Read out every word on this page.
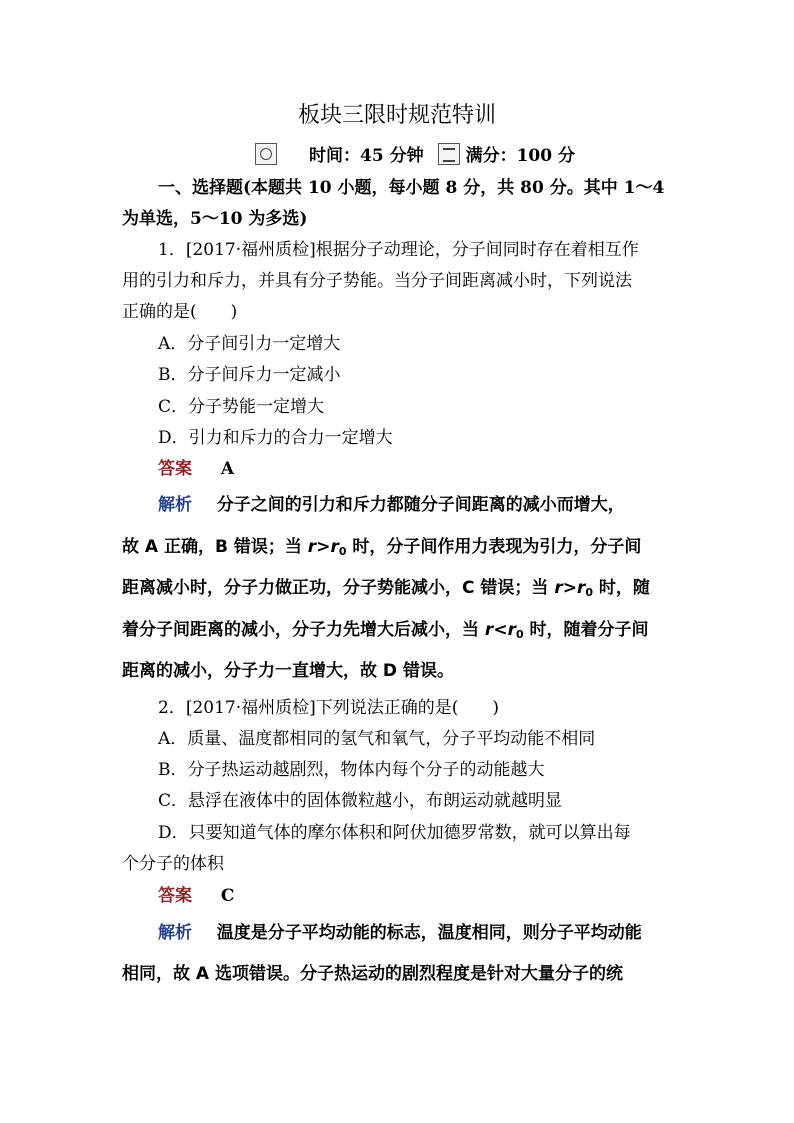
板块三限时规范特训
时间：45 分钟 满分：100 分
一、选择题(本题共 10 小题，每小题 8 分，共 80 分。其中 1～4
为单选，5～10 为多选)
1．[2017·福州质检]根据分子动理论，分子间同时存在着相互作
用的引力和斥力，并具有分子势能。当分子间距离减小时，下列说法
正确的是(　　)
A．分子间引力一定增大
B．分子间斥力一定减小
C．分子势能一定增大
D．引力和斥力的合力一定增大
答案 A
解析 分子之间的引力和斥力都随分子间距离的减小而增大，
故 A 正确，B 错误；当 $r>r_0$ 时，分子间作用力表现为引力，分子间
距离减小时，分子力做正功，分子势能减小，C 错误；当 $r>r_0$ 时，随
着分子间距离的减小，分子力先增大后减小，当 $r<r_0$ 时，随着分子间
距离的减小，分子力一直增大，故 D 错误。
2．[2017·福州质检]下列说法正确的是(　　)
A．质量、温度都相同的氢气和氧气，分子平均动能不相同
B．分子热运动越剧烈，物体内每个分子的动能越大
C．悬浮在液体中的固体微粒越小，布朗运动就越明显
D．只要知道气体的摩尔体积和阿伏加德罗常数，就可以算出每
个分子的体积
答案 C
解析 温度是分子平均动能的标志，温度相同，则分子平均动能
相同，故 A 选项错误。分子热运动的剧烈程度是针对大量分子的统
